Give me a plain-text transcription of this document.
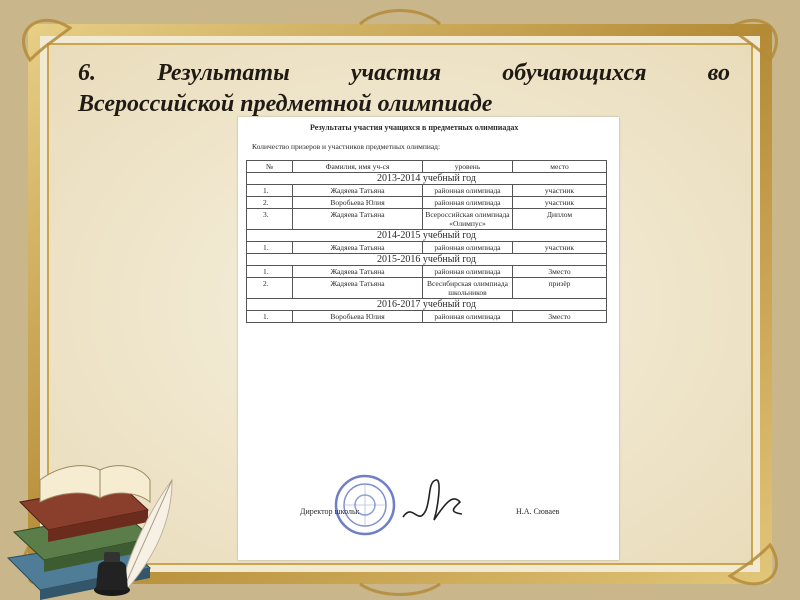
6.	Результаты	участия	обучающихся	во
Всероссийской предметной олимпиаде
Результаты участия учащихся в предметных олимпиадах
Количество призеров и участников предметных олимпиад:
№	Фамилия, имя уч-ся	уровень	место
2013-2014 учебный год			
1.	Жадяева Татьяна	районная олимпиада	участник
2.	Воробьева Юлия	районная олимпиада	участник
3.	Жадяева Татьяна	Всероссийская олимпиада «Олимпус»	Диплом
2014-2015 учебный год			
1.	Жадяева Татьяна	районная олимпиада	участник
2015-2016 учебный год			
1.	Жадяева Татьяна	районная олимпиада	3место
2.	Жадяева Татьяна	Всесибирская олимпиада школьников	призёр
2016-2017 учебный год			
1.	Воробьева Юлия	районная олимпиада	3место
Директор школы:	Н.А. Сюваев
